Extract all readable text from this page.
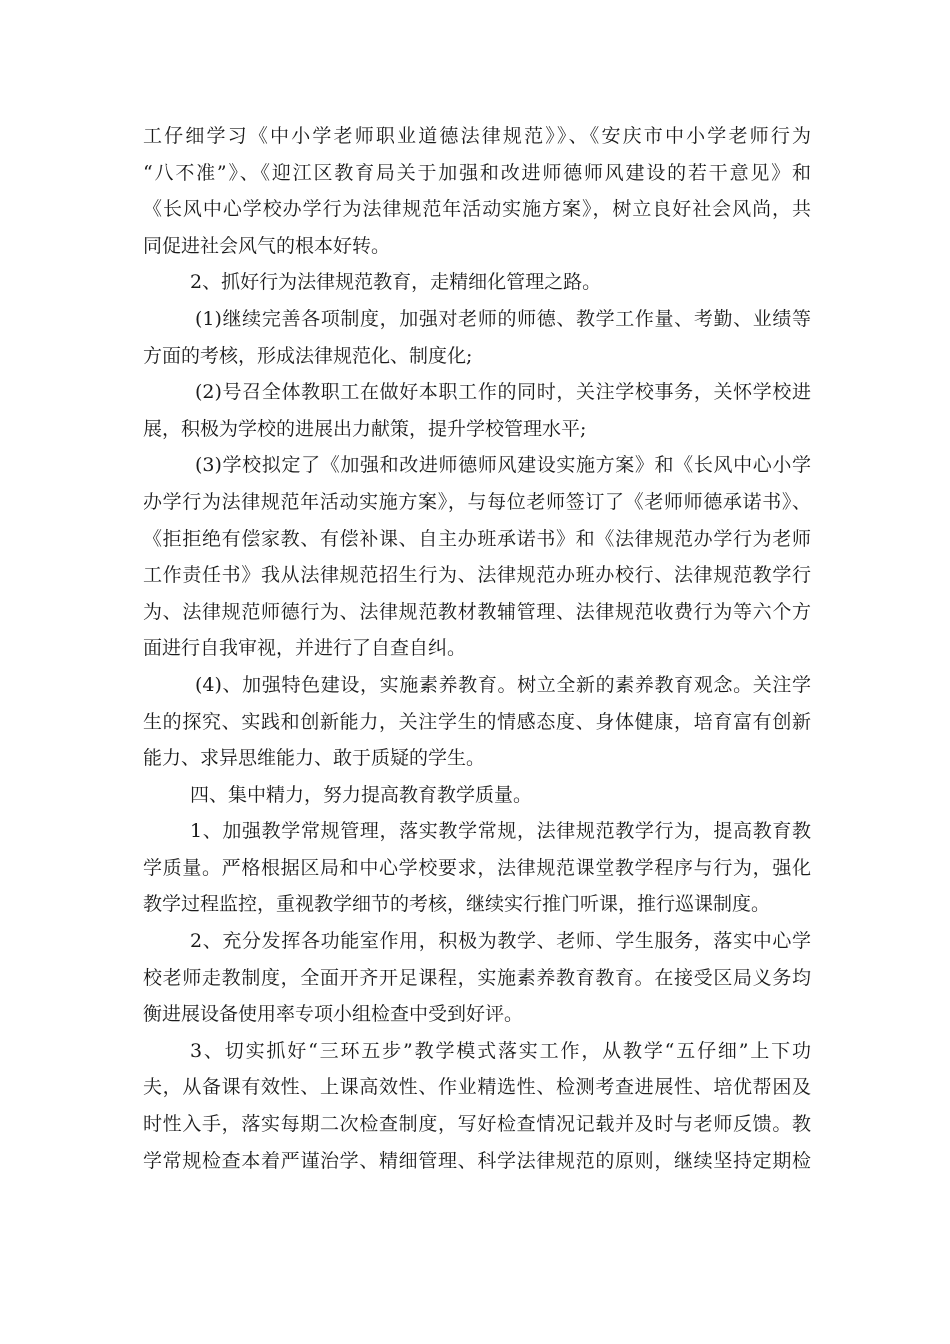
工仔细学习《中小学老师职业道德法律规范》》、《安庆市中小学老师行为
“八不准”》、《迎江区教育局关于加强和改进师德师风建设的若干意见》和
《长风中心学校办学行为法律规范年活动实施方案》，树立良好社会风尚，共
同促进社会风气的根本好转。
2、抓好行为法律规范教育，走精细化管理之路。
(1)继续完善各项制度，加强对老师的师德、教学工作量、考勤、业绩等
方面的考核，形成法律规范化、制度化;
(2)号召全体教职工在做好本职工作的同时，关注学校事务，关怀学校进
展，积极为学校的进展出力献策，提升学校管理水平;
(3)学校拟定了《加强和改进师德师风建设实施方案》和《长风中心小学
办学行为法律规范年活动实施方案》，与每位老师签订了《老师师德承诺书》、
《拒拒绝有偿家教、有偿补课、自主办班承诺书》和《法律规范办学行为老师
工作责任书》我从法律规范招生行为、法律规范办班办校行、法律规范教学行
为、法律规范师德行为、法律规范教材教辅管理、法律规范收费行为等六个方
面进行自我审视，并进行了自查自纠。
(4)、加强特色建设，实施素养教育。树立全新的素养教育观念。关注学
生的探究、实践和创新能力，关注学生的情感态度、身体健康，培育富有创新
能力、求异思维能力、敢于质疑的学生。
四、集中精力，努力提高教育教学质量。
1、加强教学常规管理，落实教学常规，法律规范教学行为，提高教育教
学质量。严格根据区局和中心学校要求，法律规范课堂教学程序与行为，强化
教学过程监控，重视教学细节的考核，继续实行推门听课，推行巡课制度。
2、充分发挥各功能室作用，积极为教学、老师、学生服务，落实中心学
校老师走教制度，全面开齐开足课程，实施素养教育教育。在接受区局义务均
衡进展设备使用率专项小组检查中受到好评。
3、切实抓好“三环五步”教学模式落实工作，从教学“五仔细”上下功
夫，从备课有效性、上课高效性、作业精选性、检测考查进展性、培优帮困及
时性入手，落实每期二次检查制度，写好检查情况记载并及时与老师反馈。教
学常规检查本着严谨治学、精细管理、科学法律规范的原则，继续坚持定期检
